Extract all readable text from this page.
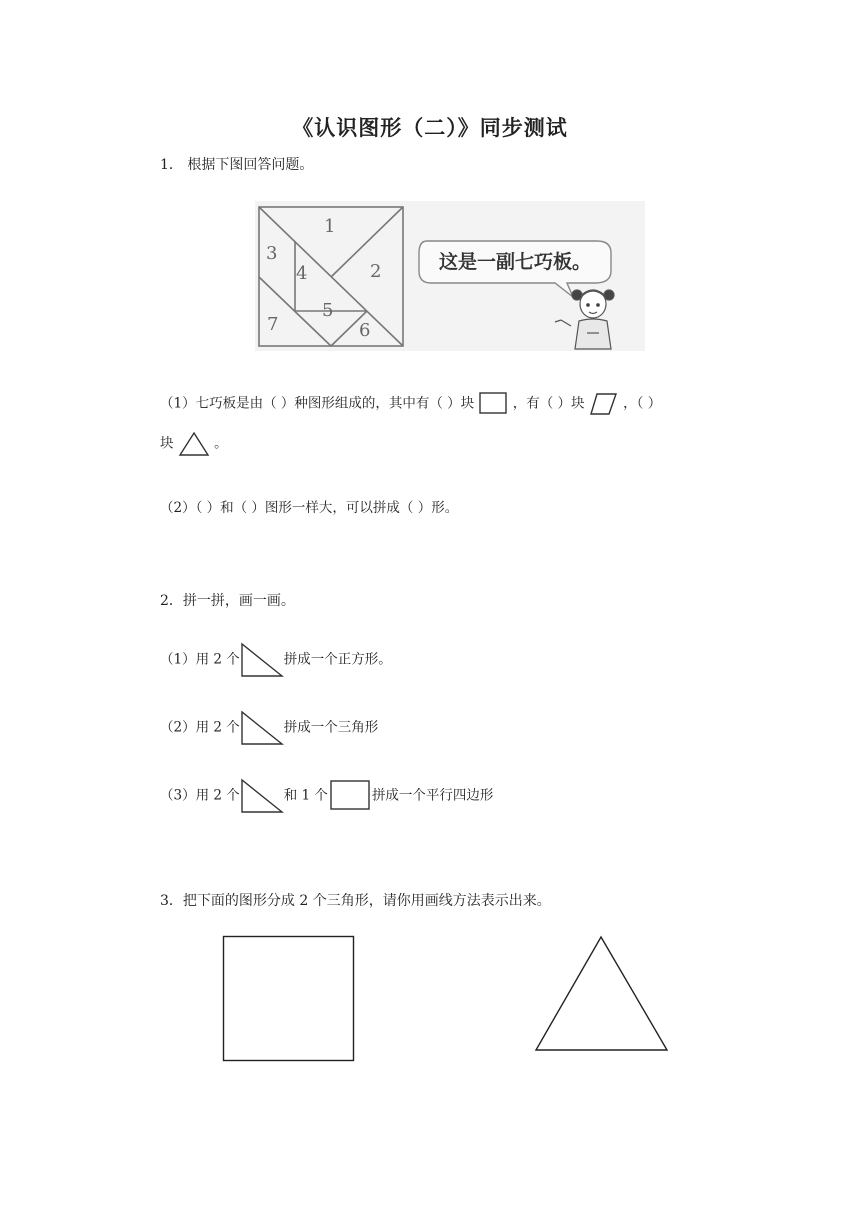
《认识图形（二）》同步测试
1． 根据下图回答问题。
1
2
3
4
5
6
7
这是一副七巧板。
（1）七巧板是由（ ）种图形组成的，其中有（ ）块	，有（ ）块	，（ ）
块	。
（2）（ ）和（ ）图形一样大，可以拼成（ ）形。
2．拼一拼，画一画。
（1）用 2 个	拼成一个正方形。
（2）用 2 个	拼成一个三角形
（3）用 2 个	和 1 个	拼成一个平行四边形
3．把下面的图形分成 2 个三角形，请你用画线方法表示出来。
